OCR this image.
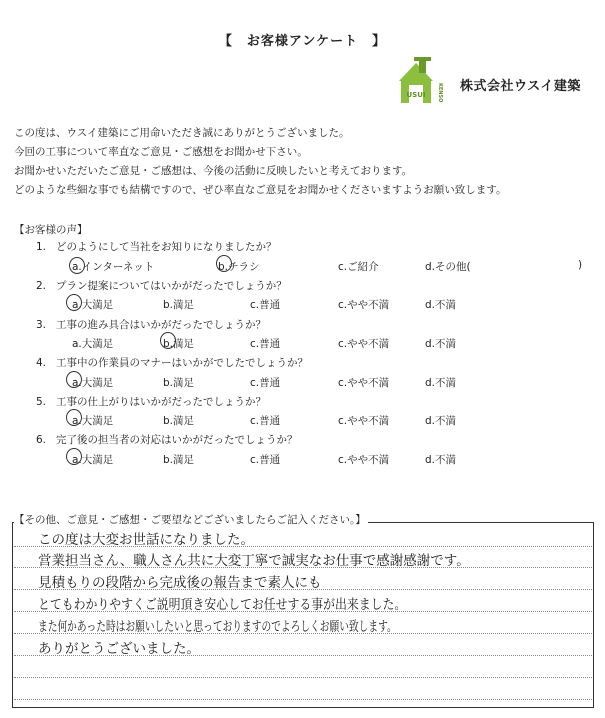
【　お客様アンケート　】
USUI KENSO 株式会社ウスイ建築
この度は、ウスイ建築にご用命いただき誠にありがとうございました。
今回の工事について率直なご意見・ご感想をお聞かせ下さい。
お聞かせいただいたご意見・ご感想は、今後の活動に反映したいと考えております。
どのような些細な事でも結構ですので、ぜひ率直なご意見をお聞かせくださいますようお願い致します。
【お客様の声】
1. どのようにして当社をお知りになりましたか？
a.インターネット	b.チラシ	c.ご紹介	d.その他(	)
2. プラン提案についてはいかがだったでしょうか？
a.大満足	b.満足	c.普通	c.やや不満	d.不満
3. 工事の進み具合はいかがだったでしょうか？
a.大満足	b.満足	c.普通	c.やや不満	d.不満
4. 工事中の作業員のマナーはいかがでしたでしょうか？
a.大満足	b.満足	c.普通	c.やや不満	d.不満
5. 工事の仕上がりはいかがだったでしょうか？
a.大満足	b.満足	c.普通	c.やや不満	d.不満
6. 完了後の担当者の対応はいかがだったでしょうか？
a.大満足	b.満足	c.普通	c.やや不満	d.不満
【その他、ご意見・ご感想・ご要望などございましたらご記入ください。】
この度は大変お世話になりました。
営業担当さん、職人さん共に大変丁寧で誠実なお仕事で感謝感謝です。
見積もりの段階から完成後の報告まで素人にも
とてもわかりやすくご説明頂き安心してお任せする事が出来ました。
また何かあった時はお願いしたいと思っておりますのでよろしくお願い致します。
ありがとうございました。
